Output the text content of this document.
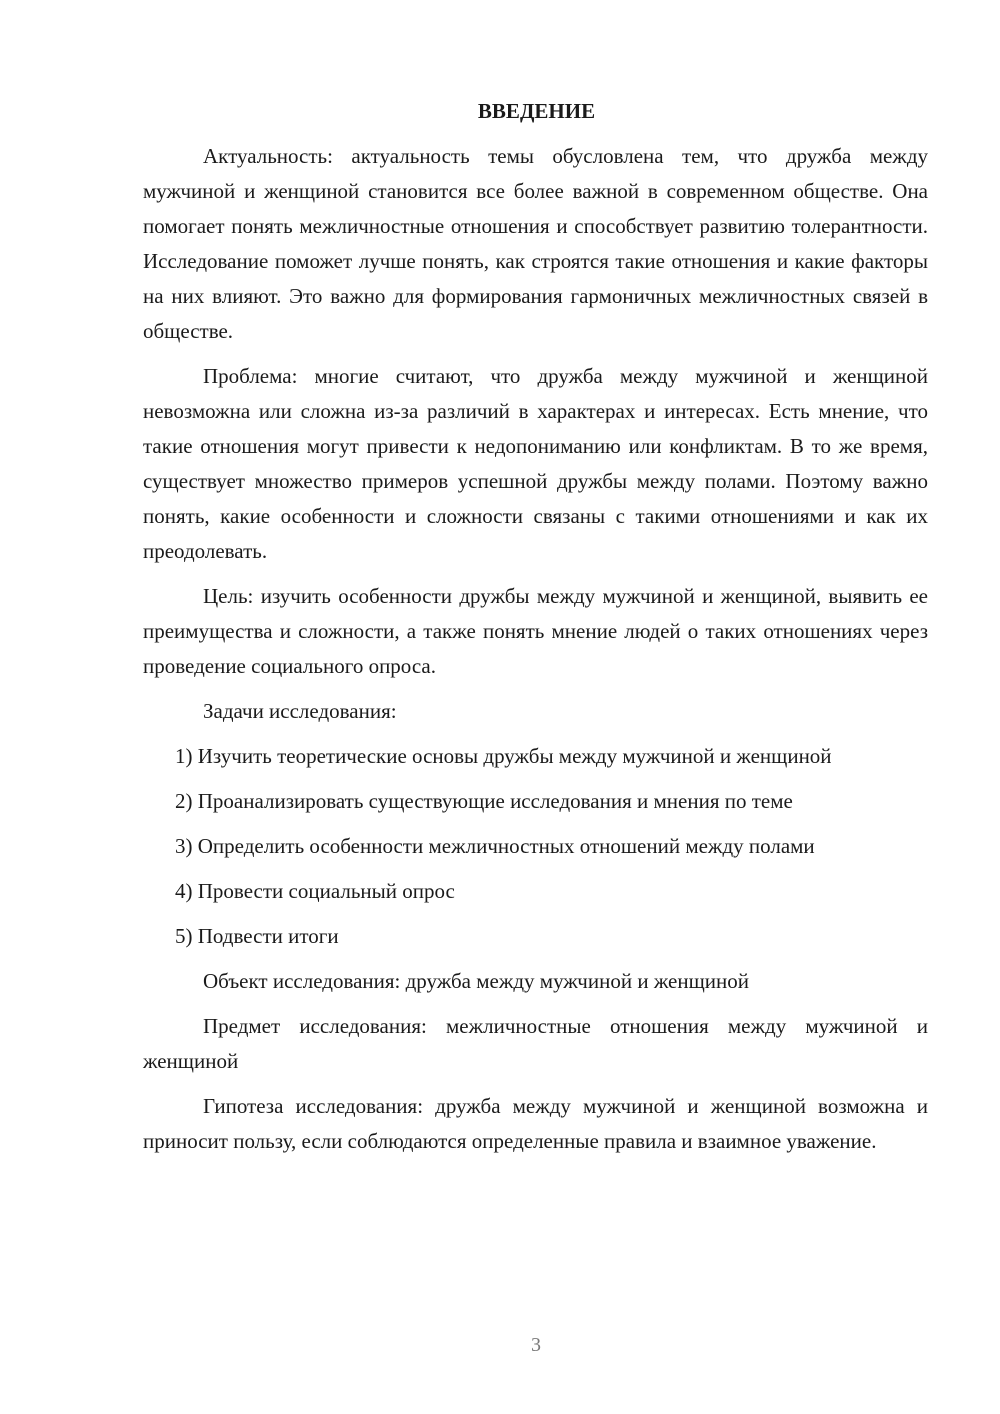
ВВЕДЕНИЕ

Актуальность: актуальность темы обусловлена тем, что дружба между мужчиной и женщиной становится все более важной в современном обществе. Она помогает понять межличностные отношения и способствует развитию толерантности. Исследование поможет лучше понять, как строятся такие отношения и какие факторы на них влияют. Это важно для формирования гармоничных межличностных связей в обществе.

Проблема: многие считают, что дружба между мужчиной и женщиной невозможна или сложна из-за различий в характерах и интересах. Есть мнение, что такие отношения могут привести к недопониманию или конфликтам. В то же время, существует множество примеров успешной дружбы между полами. Поэтому важно понять, какие особенности и сложности связаны с такими отношениями и как их преодолевать.

Цель: изучить особенности дружбы между мужчиной и женщиной, выявить ее преимущества и сложности, а также понять мнение людей о таких отношениях через проведение социального опроса.

Задачи исследования:

1) Изучить теоретические основы дружбы между мужчиной и женщиной

2) Проанализировать существующие исследования и мнения по теме

3) Определить особенности межличностных отношений между полами

4) Провести социальный опрос

5) Подвести итоги

Объект исследования: дружба между мужчиной и женщиной

Предмет исследования: межличностные отношения между мужчиной и женщиной

Гипотеза исследования: дружба между мужчиной и женщиной возможна и приносит пользу, если соблюдаются определенные правила и взаимное уважение.

3
